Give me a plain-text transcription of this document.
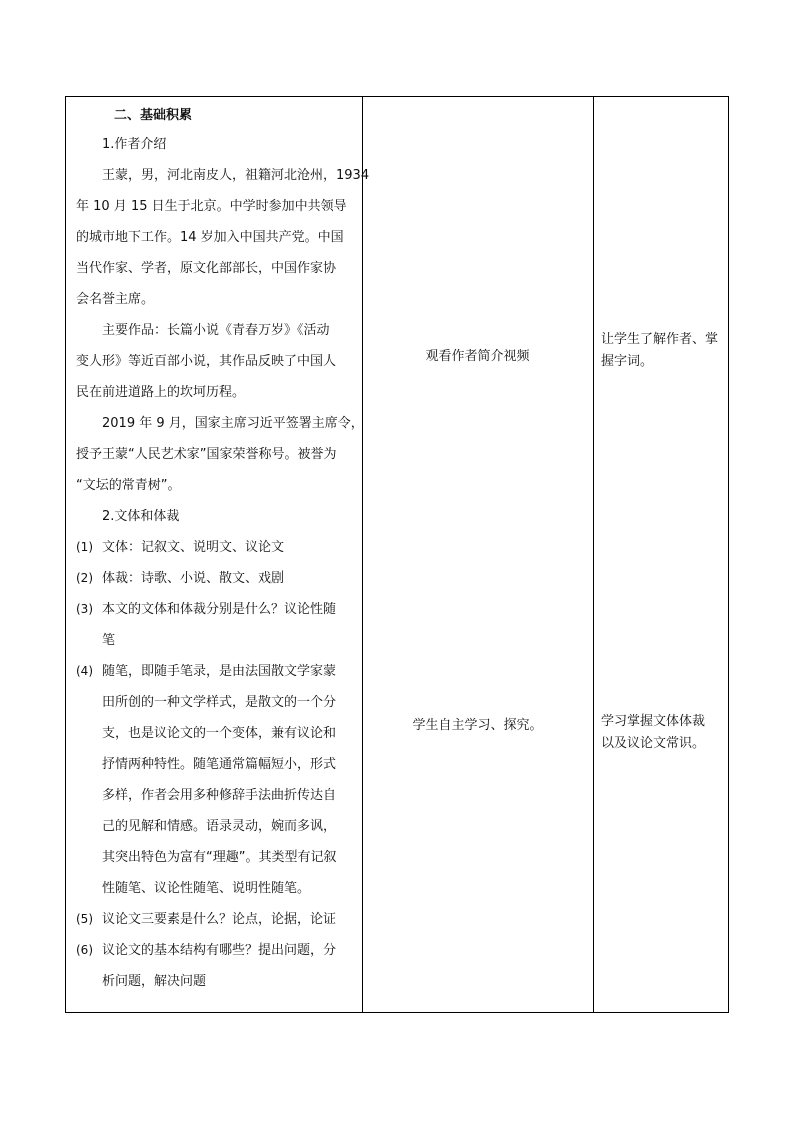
二、基础积累
1.作者介绍
王蒙，男，河北南皮人，祖籍河北沧州，1934
年 10 月 15 日生于北京。中学时参加中共领导
的城市地下工作。14 岁加入中国共产党。中国
当代作家、学者，原文化部部长，中国作家协
会名誉主席。
主要作品：长篇小说《青春万岁》《活动
变人形》等近百部小说，其作品反映了中国人
民在前进道路上的坎坷历程。
2019 年 9 月，国家主席习近平签署主席令，
授予王蒙“人民艺术家”国家荣誉称号。被誉为
“文坛的常青树”。
2.文体和体裁
(1) 文体：记叙文、说明文、议论文
(2) 体裁：诗歌、小说、散文、戏剧
(3) 本文的文体和体裁分别是什么？议论性随
笔
(4) 随笔，即随手笔录，是由法国散文学家蒙
田所创的一种文学样式，是散文的一个分
支，也是议论文的一个变体，兼有议论和
抒情两种特性。随笔通常篇幅短小，形式
多样，作者会用多种修辞手法曲折传达自
己的见解和情感。语录灵动，婉而多讽，
其突出特色为富有“理趣”。其类型有记叙
性随笔、议论性随笔、说明性随笔。
(5) 议论文三要素是什么？论点，论据，论证
(6) 议论文的基本结构有哪些？提出问题，分
析问题，解决问题
观看作者简介视频
学生自主学习、探究。
让学生了解作者、掌
握字词。
学习掌握文体体裁
以及议论文常识。
